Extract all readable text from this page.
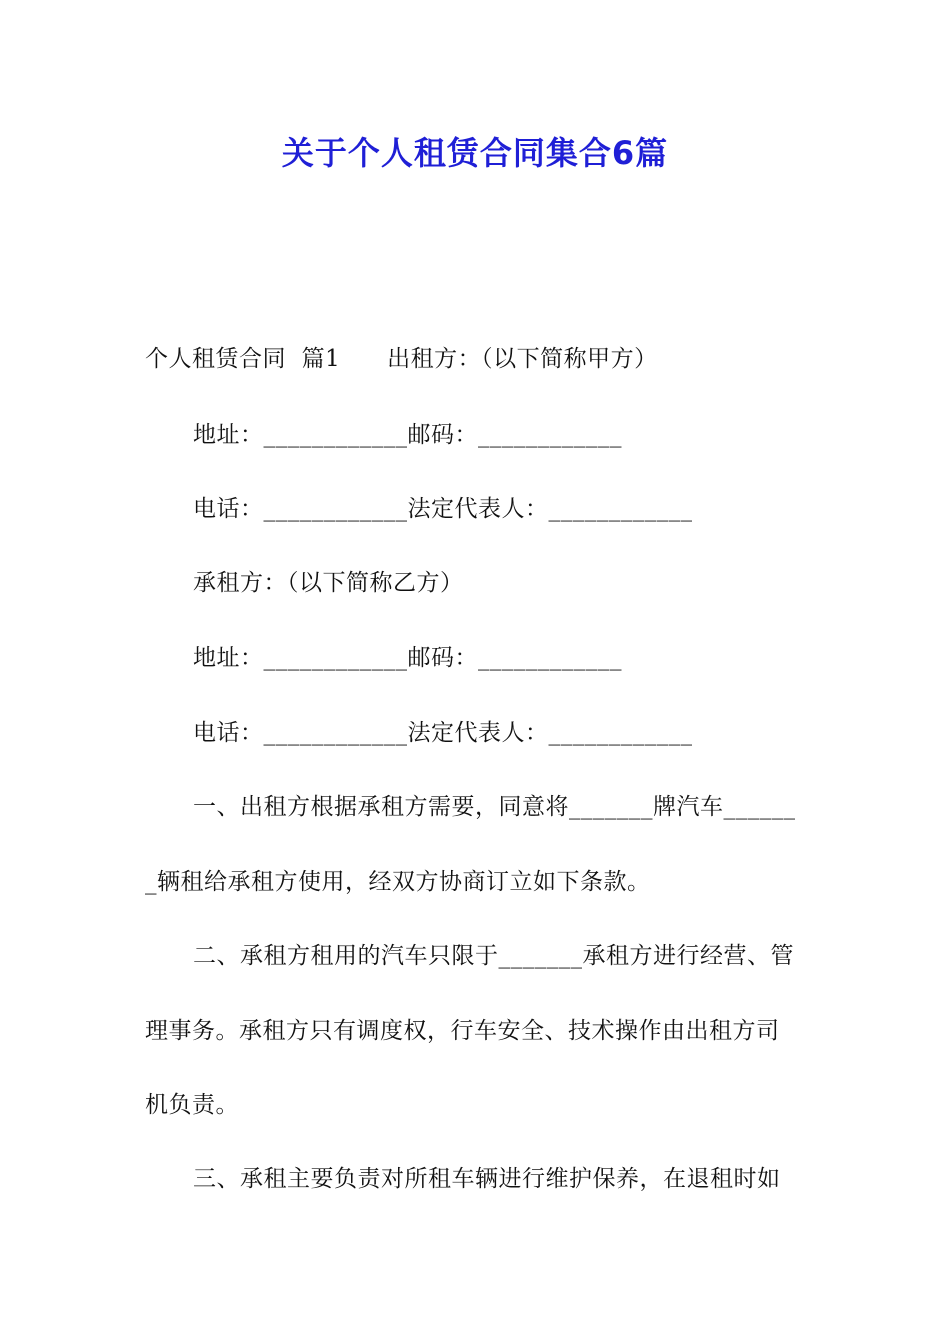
关于个人租赁合同集合6篇
个人租赁合同  篇1      出租方：（以下简称甲方）
地址：____________邮码：____________
电话：____________法定代表人：____________
承租方：（以下简称乙方）
地址：____________邮码：____________
电话：____________法定代表人：____________
一、出租方根据承租方需要，同意将_______牌汽车______
_辆租给承租方使用，经双方协商订立如下条款。
二、承租方租用的汽车只限于_______承租方进行经营、管
理事务。承租方只有调度权，行车安全、技术操作由出租方司
机负责。
三、承租主要负责对所租车辆进行维护保养，在退租时如
